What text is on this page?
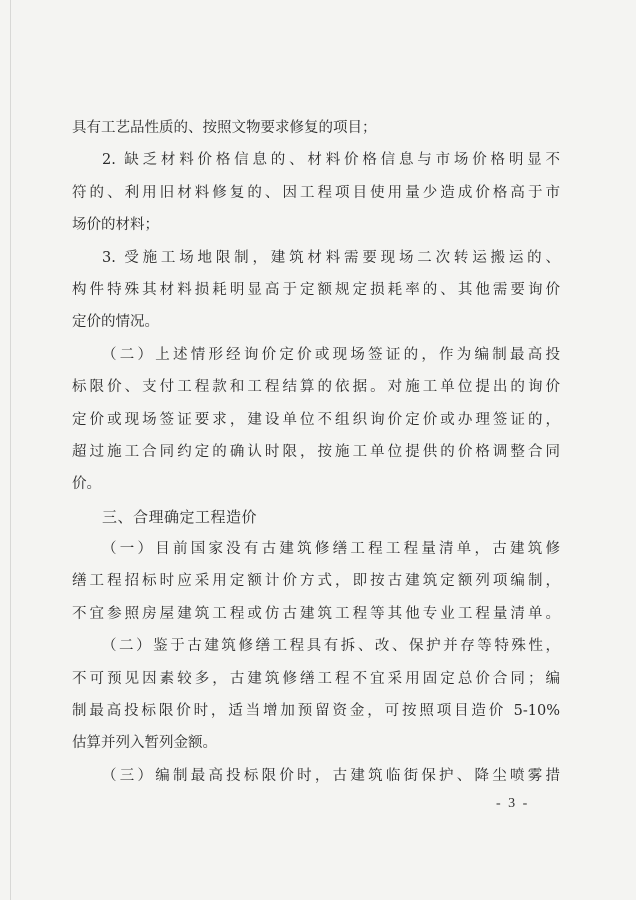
具有工艺品性质的、按照文物要求修复的项目；
2. 缺乏材料价格信息的、材料价格信息与市场价格明显不
符的、利用旧材料修复的、因工程项目使用量少造成价格高于市
场价的材料；
3. 受施工场地限制，建筑材料需要现场二次转运搬运的、
构件特殊其材料损耗明显高于定额规定损耗率的、其他需要询价
定价的情况。
（二）上述情形经询价定价或现场签证的，作为编制最高投
标限价、支付工程款和工程结算的依据。对施工单位提出的询价
定价或现场签证要求，建设单位不组织询价定价或办理签证的，
超过施工合同约定的确认时限，按施工单位提供的价格调整合同
价。
三、合理确定工程造价
（一）目前国家没有古建筑修缮工程工程量清单，古建筑修
缮工程招标时应采用定额计价方式，即按古建筑定额列项编制，
不宜参照房屋建筑工程或仿古建筑工程等其他专业工程量清单。
（二）鉴于古建筑修缮工程具有拆、改、保护并存等特殊性，
不可预见因素较多，古建筑修缮工程不宜采用固定总价合同；编
制最高投标限价时，适当增加预留资金，可按照项目造价 5-10%
估算并列入暂列金额。
（三）编制最高投标限价时，古建筑临街保护、降尘喷雾措
- 3 -
